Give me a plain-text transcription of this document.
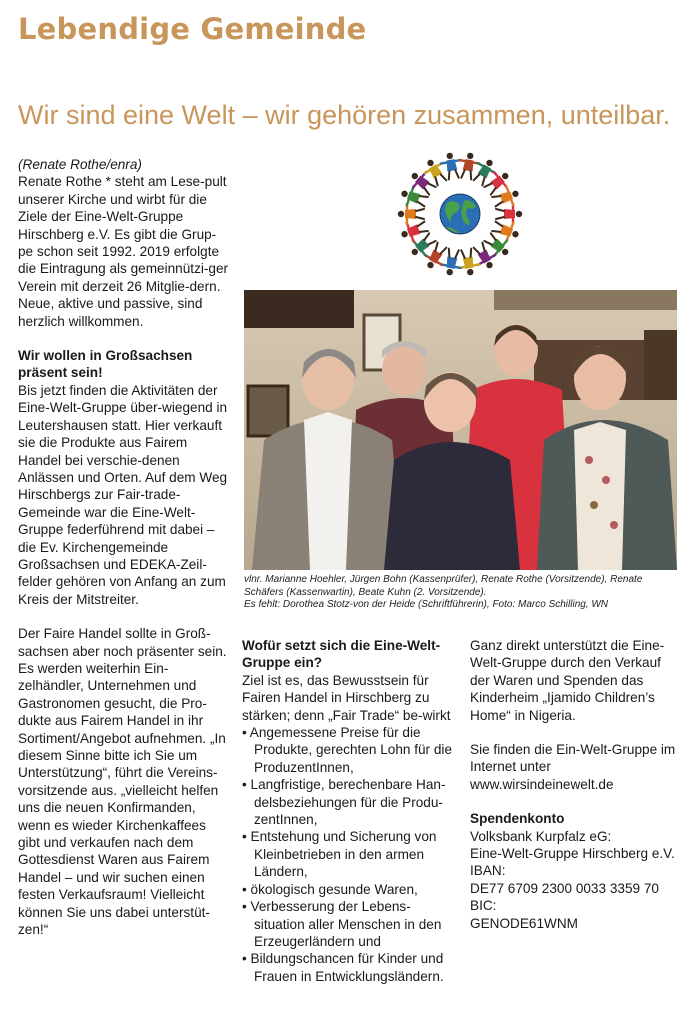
Lebendige Gemeinde
Wir sind eine Welt – wir gehören zusammen, unteilbar.

(Renate Rothe/enra)

Renate Rothe * steht am Lese-pult unserer Kirche und wirbt für die Ziele der Eine-Welt-Gruppe Hirschberg e.V. Es gibt die Grup-pe schon seit 1992. 2019 erfolgte die Eintragung als gemeinnützi-ger Verein mit derzeit 26 Mitglie-dern. Neue, aktive und passive, sind herzlich willkommen.

Wir wollen in Großsachsen präsent sein!

Bis jetzt finden die Aktivitäten der Eine-Welt-Gruppe über-wiegend in Leutershausen statt. Hier verkauft sie die Produkte aus Fairem Handel bei verschie-denen Anlässen und Orten. Auf dem Weg Hirschbergs zur Fair-trade-Gemeinde war die Eine-Welt-Gruppe federführend mit dabei – die Ev. Kirchengemeinde Großsachsen und EDEKA-Zeil-felder gehören von Anfang an zum Kreis der Mitstreiter.

Der Faire Handel sollte in Groß-sachsen aber noch präsenter sein. Es werden weiterhin Ein-zelhändler, Unternehmen und Gastronomen gesucht, die Pro-dukte aus Fairem Handel in ihr Sortiment/Angebot aufnehmen. „In diesem Sinne bitte ich Sie um Unterstützung“, führt die Vereins-vorsitzende aus. „vielleicht helfen uns die neuen Konfirmanden, wenn es wieder Kirchenkaffees gibt und verkaufen nach dem Gottesdienst Waren aus Fairem Handel – und wir suchen einen festen Verkaufsraum! Vielleicht können Sie uns dabei unterstüt-zen!“

vlnr. Marianne Hoehler, Jürgen Bohn (Kassenprüfer), Renate Rothe (Vorsitzende), Renate Schäfers (Kassenwartin), Beate Kuhn (2. Vorsitzende).
Es fehlt: Dorothea Stotz-von der Heide (Schriftführerin), Foto: Marco Schilling, WN
Wofür setzt sich die Eine-Welt-Gruppe ein?

Ziel ist es, das Bewusstsein für Fairen Handel in Hirschberg zu stärken; denn „Fair Trade“ be-wirkt

• Angemessene Preise für die Produkte, gerechten Lohn für die ProduzentInnen,
• Langfristige, berechenbare Han-delsbeziehungen für die Produ-zentInnen,
• Entstehung und Sicherung von Kleinbetrieben in den armen Ländern,
• ökologisch gesunde Waren,
• Verbesserung der Lebens-situation aller Menschen in den Erzeugerländern und
• Bildungschancen für Kinder und Frauen in Entwicklungsländern.

Ganz direkt unterstützt die Eine-Welt-Gruppe durch den Verkauf der Waren und Spenden das Kinderheim „Ijamido Children’s Home“ in Nigeria.

Sie finden die Ein-Welt-Gruppe im Internet unter

www.wirsindeinewelt.de

Spendenkonto

Volksbank Kurpfalz eG:

Eine-Welt-Gruppe Hirschberg e.V.

IBAN:

DE77 6709 2300 0033 3359 70

BIC:

GENODE61WNM
